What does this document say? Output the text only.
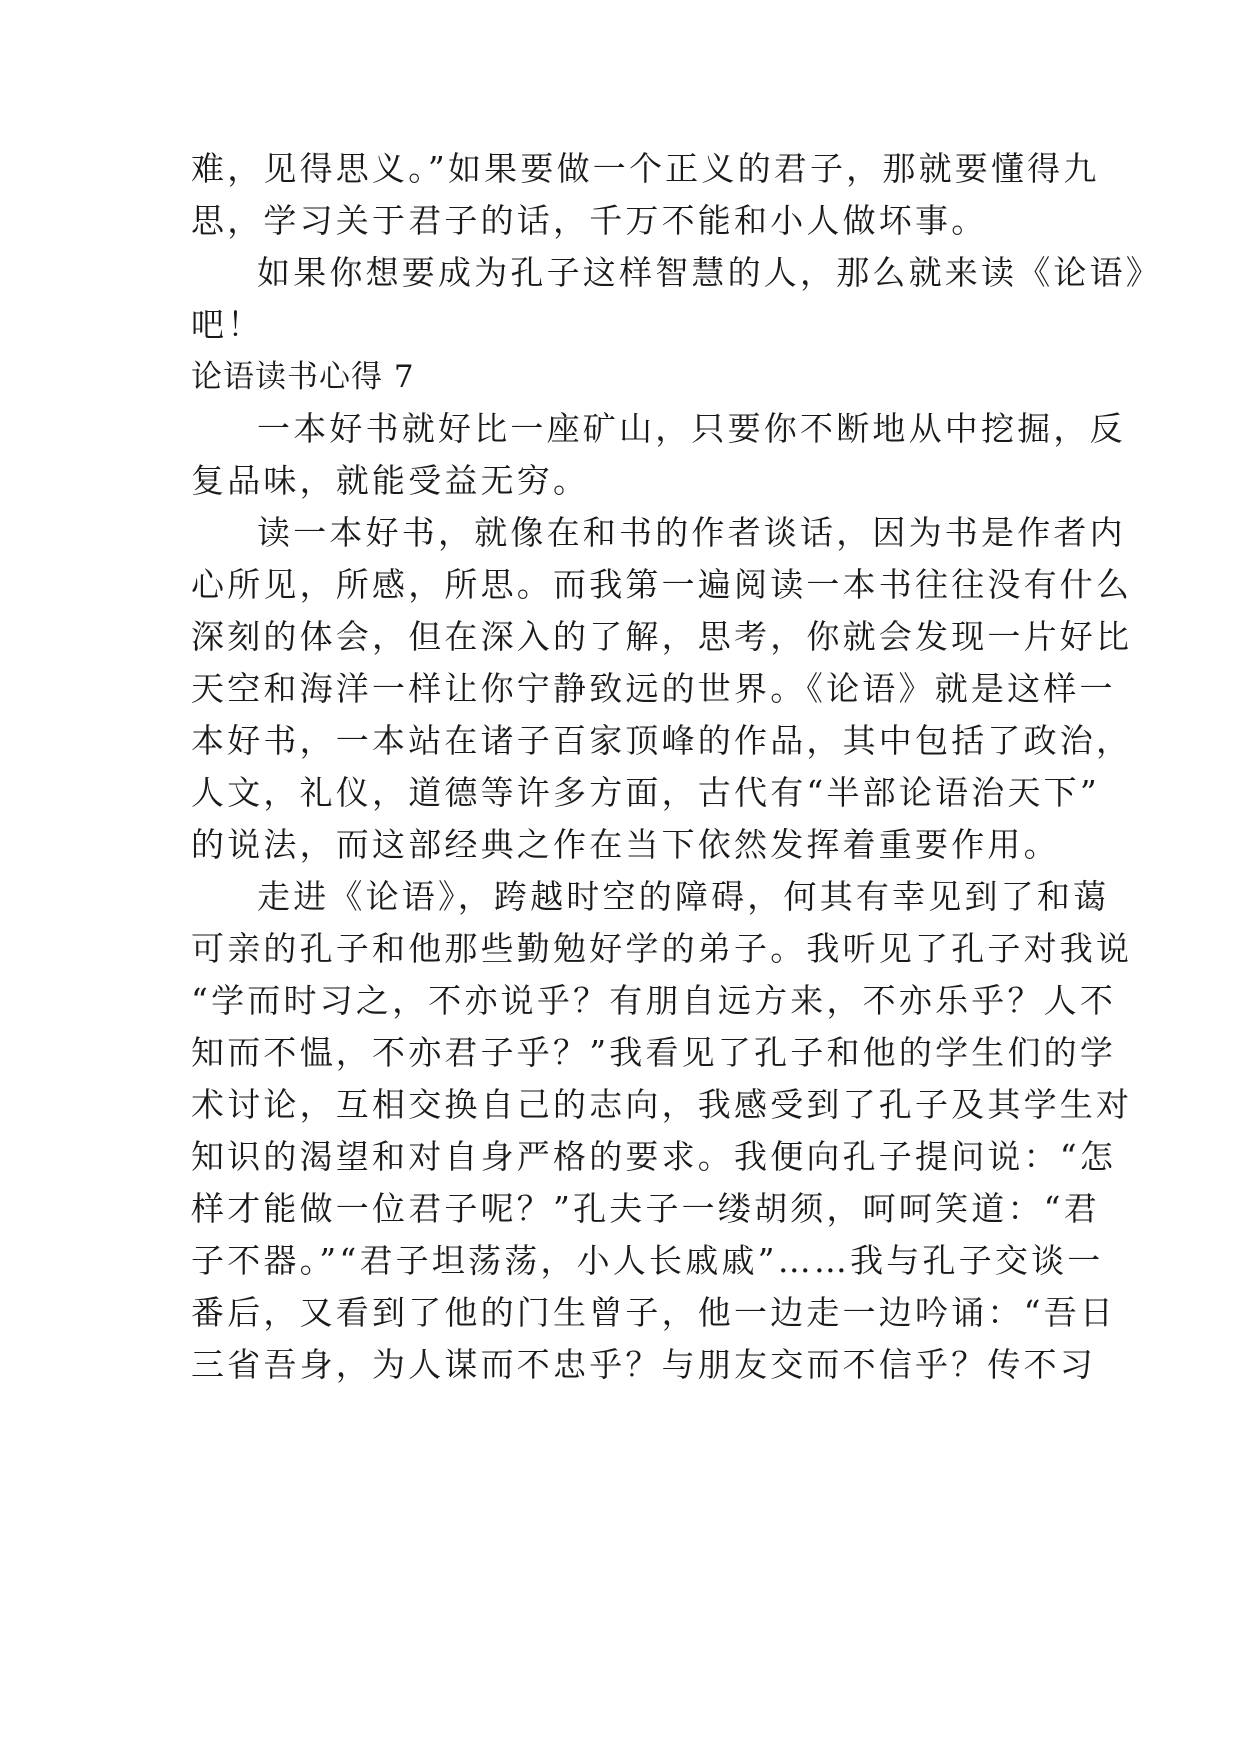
难，见得思义。”如果要做一个正义的君子，那就要懂得九
思，学习关于君子的话，千万不能和小人做坏事。
如果你想要成为孔子这样智慧的人，那么就来读《论语》
吧！
论语读书心得 7
一本好书就好比一座矿山，只要你不断地从中挖掘，反
复品味，就能受益无穷。
读一本好书，就像在和书的作者谈话，因为书是作者内
心所见，所感，所思。而我第一遍阅读一本书往往没有什么
深刻的体会，但在深入的了解，思考，你就会发现一片好比
天空和海洋一样让你宁静致远的世界。《论语》就是这样一
本好书，一本站在诸子百家顶峰的作品，其中包括了政治，
人文，礼仪，道德等许多方面，古代有“半部论语治天下”
的说法，而这部经典之作在当下依然发挥着重要作用。
走进《论语》，跨越时空的障碍，何其有幸见到了和蔼
可亲的孔子和他那些勤勉好学的弟子。我听见了孔子对我说
“学而时习之，不亦说乎？有朋自远方来，不亦乐乎？人不
知而不愠，不亦君子乎？”我看见了孔子和他的学生们的学
术讨论，互相交换自己的志向，我感受到了孔子及其学生对
知识的渴望和对自身严格的要求。我便向孔子提问说：“怎
样才能做一位君子呢？”孔夫子一缕胡须，呵呵笑道：“君
子不器。”“君子坦荡荡，小人长戚戚”……我与孔子交谈一
番后，又看到了他的门生曾子，他一边走一边吟诵：“吾日
三省吾身，为人谋而不忠乎？与朋友交而不信乎？传不习
